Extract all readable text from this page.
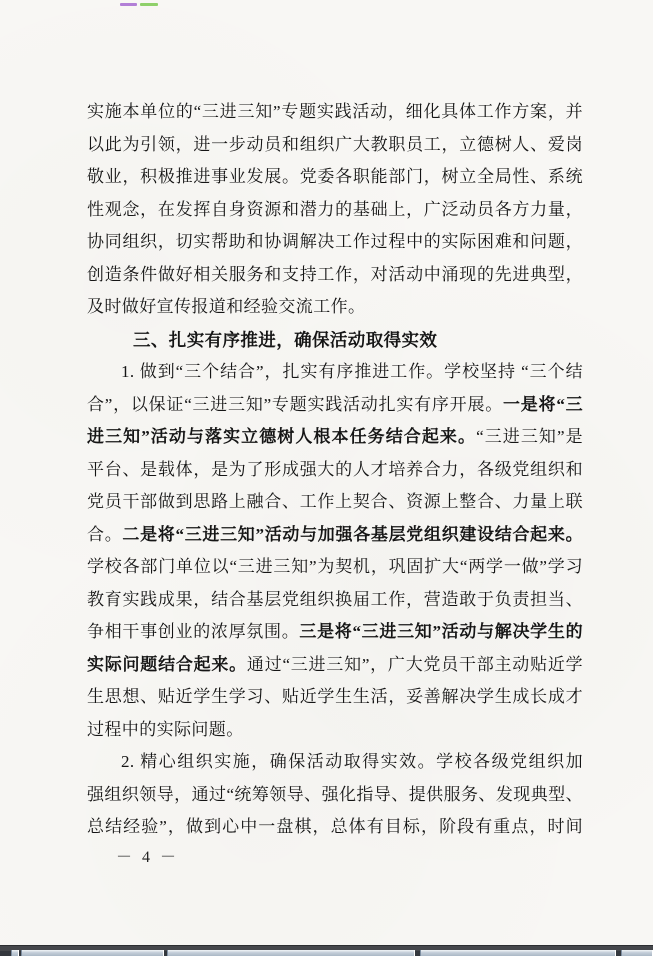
实施本单位的“三进三知”专题实践活动，细化具体工作方案，并
以此为引领，进一步动员和组织广大教职员工，立德树人、爱岗
敬业，积极推进事业发展。党委各职能部门，树立全局性、系统
性观念，在发挥自身资源和潜力的基础上，广泛动员各方力量，
协同组织，切实帮助和协调解决工作过程中的实际困难和问题，
创造条件做好相关服务和支持工作，对活动中涌现的先进典型，
及时做好宣传报道和经验交流工作。
三、扎实有序推进，确保活动取得实效
1. 做到“三个结合”，扎实有序推进工作。学校坚持 “三个结
合”，以保证“三进三知”专题实践活动扎实有序开展。一是将“三
进三知”活动与落实立德树人根本任务结合起来。“三进三知”是
平台、是载体，是为了形成强大的人才培养合力，各级党组织和
党员干部做到思路上融合、工作上契合、资源上整合、力量上联
合。二是将“三进三知”活动与加强各基层党组织建设结合起来。
学校各部门单位以“三进三知”为契机，巩固扩大“两学一做”学习
教育实践成果，结合基层党组织换届工作，营造敢于负责担当、
争相干事创业的浓厚氛围。三是将“三进三知”活动与解决学生的
实际问题结合起来。通过“三进三知”，广大党员干部主动贴近学
生思想、贴近学生学习、贴近学生生活，妥善解决学生成长成才
过程中的实际问题。
2. 精心组织实施，确保活动取得实效。学校各级党组织加
强组织领导，通过“统筹领导、强化指导、提供服务、发现典型、
总结经验”，做到心中一盘棋，总体有目标，阶段有重点，时间
－ 4 －
